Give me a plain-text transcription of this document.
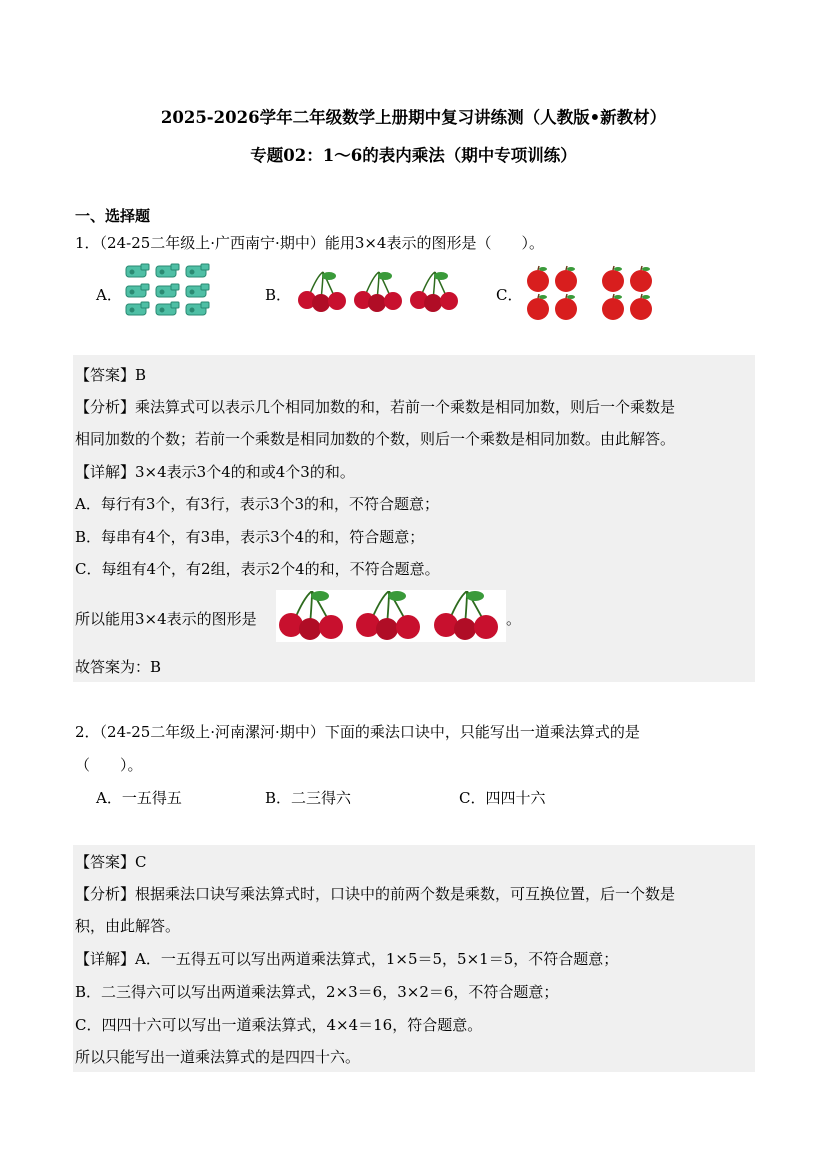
2025-2026学年二年级数学上册期中复习讲练测（人教版•新教材）
专题02：1～6的表内乘法（期中专项训练）
一、选择题
1．（24-25二年级上·广西南宁·期中）能用3×4表示的图形是（　　）。
A．	B．	C．
【答案】B
【分析】乘法算式可以表示几个相同加数的和，若前一个乘数是相同加数，则后一个乘数是
相同加数的个数；若前一个乘数是相同加数的个数，则后一个乘数是相同加数。由此解答。
【详解】3×4表示3个4的和或4个3的和。
A．每行有3个，有3行，表示3个3的和，不符合题意；
B．每串有4个，有3串，表示3个4的和，符合题意；
C．每组有4个，有2组，表示2个4的和，不符合题意。
所以能用3×4表示的图形是	。
故答案为：B
2．（24-25二年级上·河南漯河·期中）下面的乘法口诀中，只能写出一道乘法算式的是
（　　）。
A．一五得五	B．二三得六	C．四四十六
【答案】C
【分析】根据乘法口诀写乘法算式时，口诀中的前两个数是乘数，可互换位置，后一个数是
积，由此解答。
【详解】A．一五得五可以写出两道乘法算式，1×5＝5，5×1＝5，不符合题意；
B．二三得六可以写出两道乘法算式，2×3＝6，3×2＝6，不符合题意；
C．四四十六可以写出一道乘法算式，4×4＝16，符合题意。
所以只能写出一道乘法算式的是四四十六。
